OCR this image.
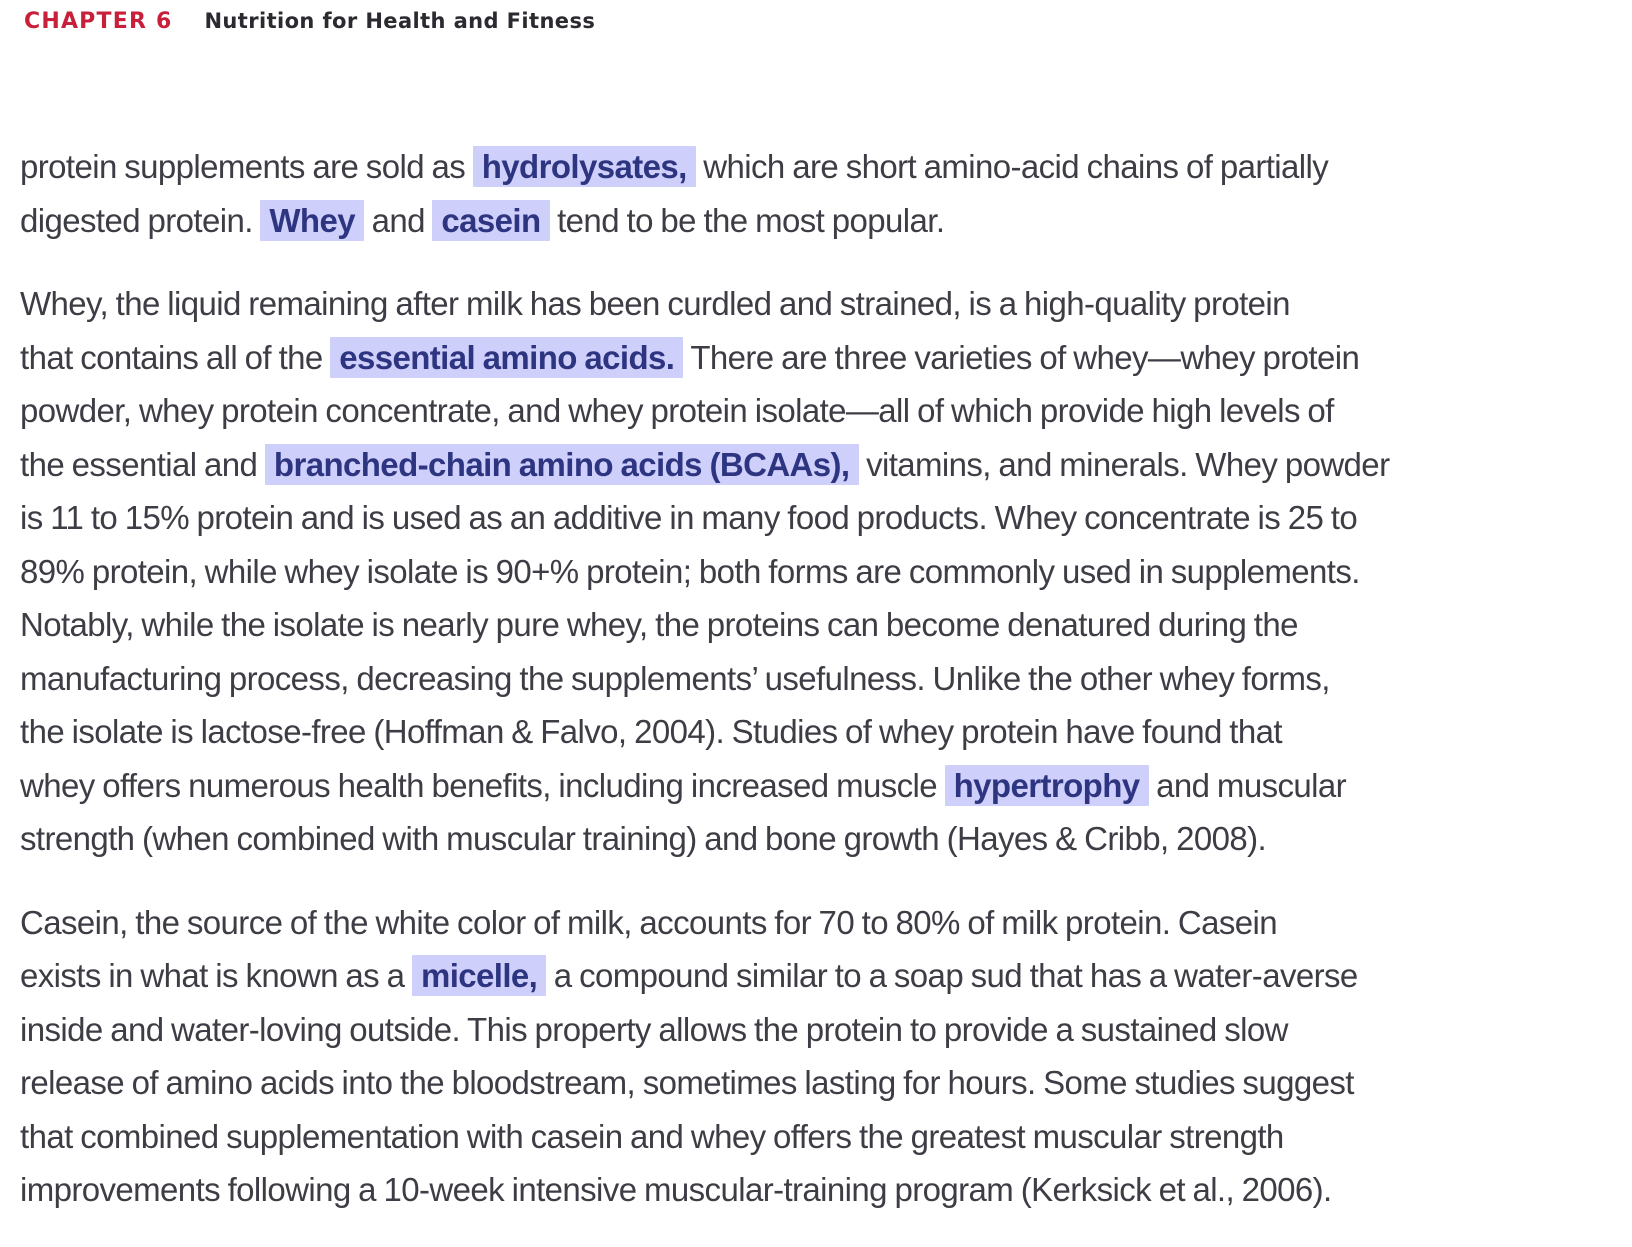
CHAPTER 6 Nutrition for Health and Fitness

protein supplements are sold as hydrolysates, which are short amino-acid chains of partially
digested protein. Whey and casein tend to be the most popular.

Whey, the liquid remaining after milk has been curdled and strained, is a high-quality protein
that contains all of the essential amino acids. There are three varieties of whey—whey protein
powder, whey protein concentrate, and whey protein isolate—all of which provide high levels of
the essential and branched-chain amino acids (BCAAs), vitamins, and minerals. Whey powder
is 11 to 15% protein and is used as an additive in many food products. Whey concentrate is 25 to
89% protein, while whey isolate is 90+% protein; both forms are commonly used in supplements.
Notably, while the isolate is nearly pure whey, the proteins can become denatured during the
manufacturing process, decreasing the supplements’ usefulness. Unlike the other whey forms,
the isolate is lactose-free (Hoffman & Falvo, 2004). Studies of whey protein have found that
whey offers numerous health benefits, including increased muscle hypertrophy and muscular
strength (when combined with muscular training) and bone growth (Hayes & Cribb, 2008).

Casein, the source of the white color of milk, accounts for 70 to 80% of milk protein. Casein
exists in what is known as a micelle, a compound similar to a soap sud that has a water-averse
inside and water-loving outside. This property allows the protein to provide a sustained slow
release of amino acids into the bloodstream, sometimes lasting for hours. Some studies suggest
that combined supplementation with casein and whey offers the greatest muscular strength
improvements following a 10-week intensive muscular-training program (Kerksick et al., 2006).
